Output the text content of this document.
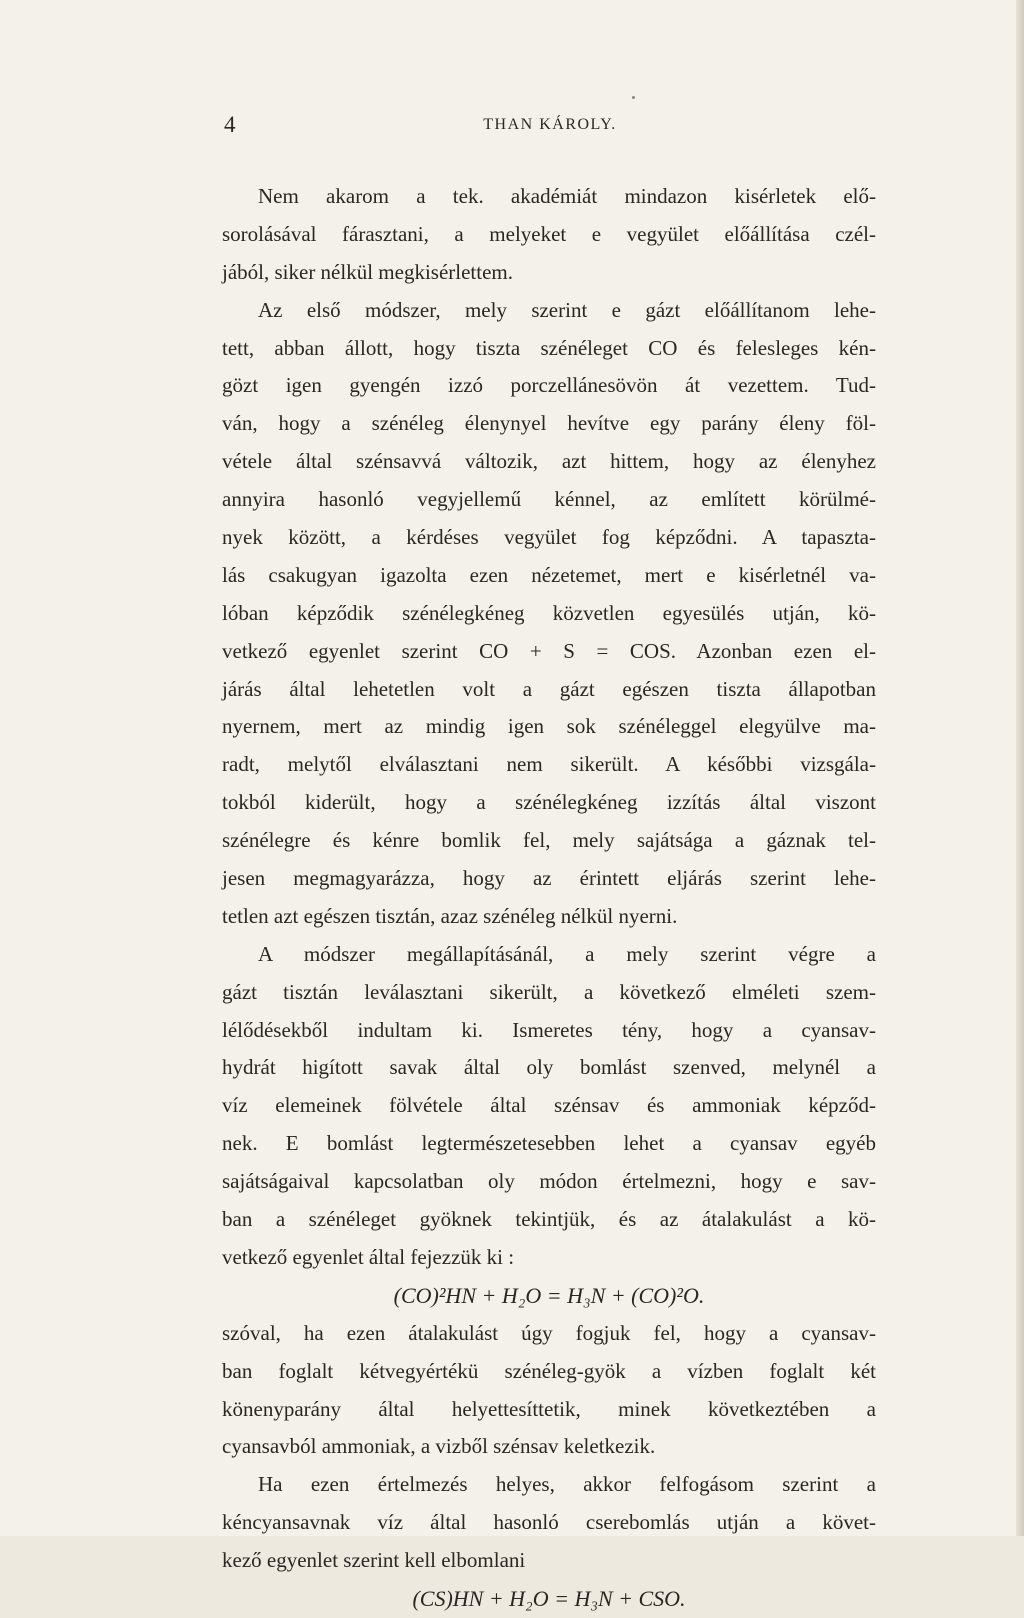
4	THAN KÁROLY.
Nem akarom a tek. akadémiát mindazon kisérletek elő-
sorolásával fárasztani, a melyeket e vegyület előállítása czél-
jából, siker nélkül megkisérlettem.
Az első módszer, mely szerint e gázt előállítanom lehe-
tett, abban állott, hogy tiszta szénéleget CO és felesleges kén-
gözt igen gyengén izzó porczellánesövön át vezettem. Tud-
ván, hogy a szénéleg élenynyel hevítve egy parány éleny föl-
vétele által szénsavvá változik, azt hittem, hogy az élenyhez
annyira hasonló vegyjellemű kénnel, az említett körülmé-
nyek között, a kérdéses vegyület fog képződni. A tapaszta-
lás csakugyan igazolta ezen nézetemet, mert e kisérletnél va-
lóban képződik szénélegkéneg közvetlen egyesülés utján, kö-
vetkező egyenlet szerint CO + S = COS. Azonban ezen el-
járás által lehetetlen volt a gázt egészen tiszta állapotban
nyernem, mert az mindig igen sok szénéleggel elegyülve ma-
radt, melytől elválasztani nem sikerült. A későbbi vizsgála-
tokból kiderült, hogy a szénélegkéneg izzítás által viszont
szénélegre és kénre bomlik fel, mely sajátsága a gáznak tel-
jesen megmagyarázza, hogy az érintett eljárás szerint lehe-
tetlen azt egészen tisztán, azaz szénéleg nélkül nyerni.
A módszer megállapításánál, a mely szerint végre a
gázt tisztán leválasztani sikerült, a következő elméleti szem-
lélődésekből indultam ki. Ismeretes tény, hogy a cyansav-
hydrát higított savak által oly bomlást szenved, melynél a
víz elemeinek fölvétele által szénsav és ammoniak képződ-
nek. E bomlást legtermészetesebben lehet a cyansav egyéb
sajátságaival kapcsolatban oly módon értelmezni, hogy e sav-
ban a szénéleget gyöknek tekintjük, és az átalakulást a kö-
vetkező egyenlet által fejezzük ki :
(CO)²HN + H₂O = H₃N + (CO)²O.
szóval, ha ezen átalakulást úgy fogjuk fel, hogy a cyansav-
ban foglalt kétvegyértékü szénéleg-gyök a vízben foglalt két
könenyparány által helyettesíttetik, minek következtében a
cyansavból ammoniak, a vizből szénsav keletkezik.
Ha ezen értelmezés helyes, akkor felfogásom szerint a
kéncyansavnak víz által hasonló cserebomlás utján a követ-
kező egyenlet szerint kell elbomlani
(CS)HN + H₂O = H₃N + CSO.
